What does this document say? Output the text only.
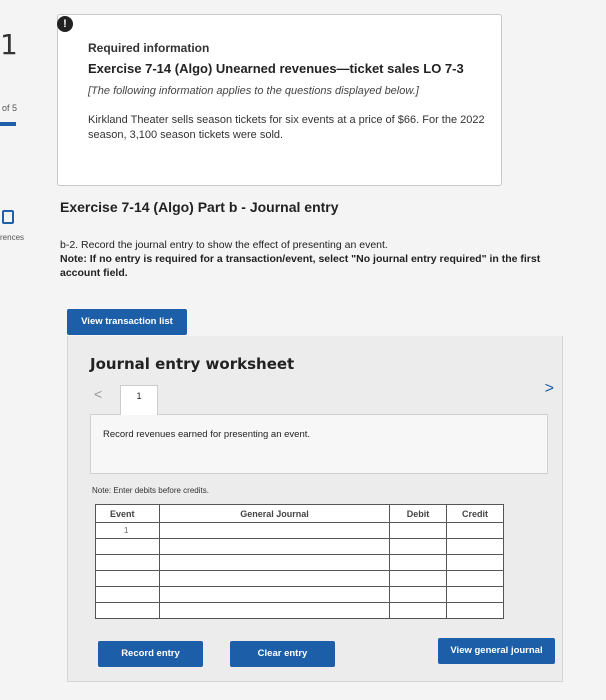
1
of 5
rences
Required information
Exercise 7-14 (Algo) Unearned revenues—ticket sales LO 7-3
[The following information applies to the questions displayed below.]
Kirkland Theater sells season tickets for six events at a price of $66. For the 2022 season, 3,100 season tickets were sold.
!
Exercise 7-14 (Algo) Part b - Journal entry
b-2. Record the journal entry to show the effect of presenting an event.
Note: If no entry is required for a transaction/event, select "No journal entry required" in the first account field.
View transaction list
Journal entry worksheet
<	>
Record revenues earned for presenting an event.
1
Note: Enter debits before credits.
Event	General Journal	Debit	Credit
1			

Record entry	Clear entry	View general journal
